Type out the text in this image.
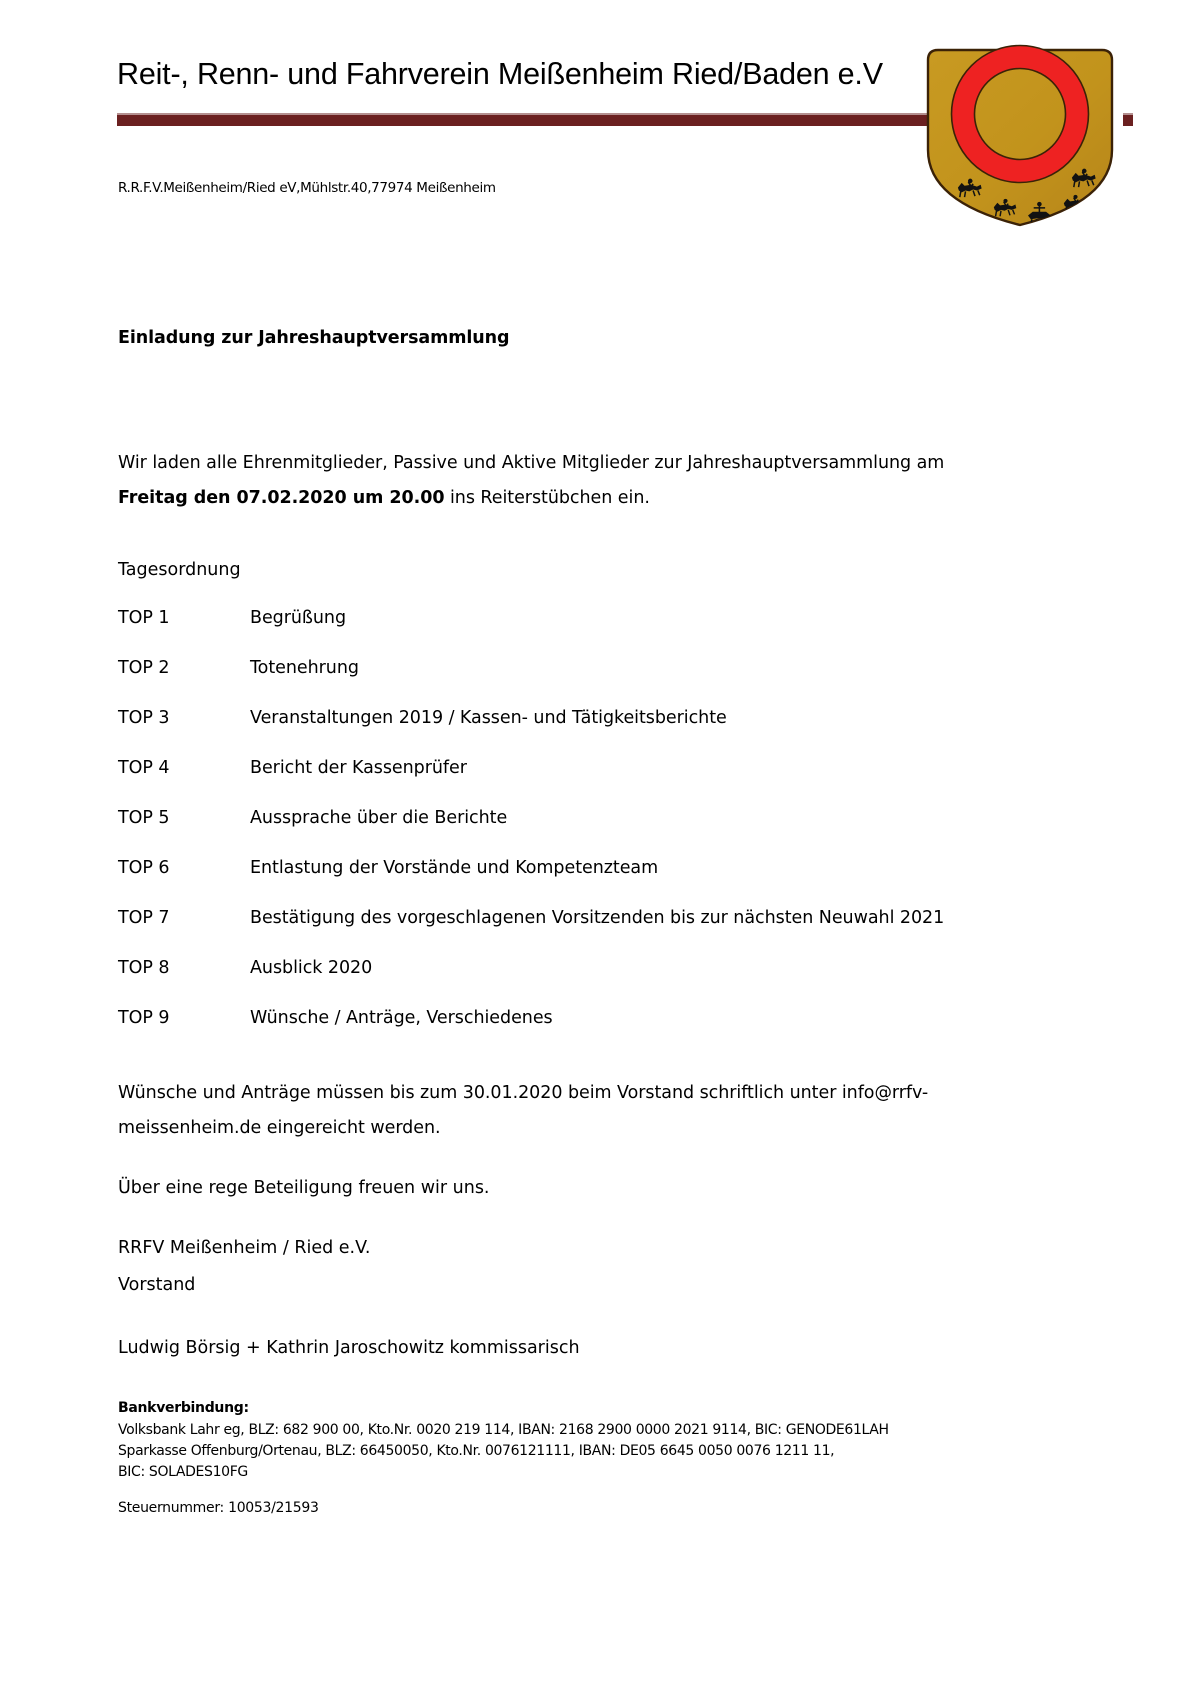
Reit-, Renn- und Fahrverein Meißenheim Ried/Baden e.V
R.R.F.V.Meißenheim/Ried eV,Mühlstr.40,77974 Meißenheim
Einladung zur Jahreshauptversammlung

Wir laden alle Ehrenmitglieder, Passive und Aktive Mitglieder zur Jahreshauptversammlung am Freitag den 07.02.2020 um 20.00 ins Reiterstübchen ein.

Tagesordnung
TOP 1	Begrüßung
TOP 2	Totenehrung
TOP 3	Veranstaltungen 2019 / Kassen- und Tätigkeitsberichte
TOP 4	Bericht der Kassenprüfer
TOP 5	Aussprache über die Berichte
TOP 6	Entlastung der Vorstände und Kompetenzteam
TOP 7	Bestätigung des vorgeschlagenen Vorsitzenden bis zur nächsten Neuwahl 2021
TOP 8	Ausblick 2020
TOP 9	Wünsche / Anträge, Verschiedenes

Wünsche und Anträge müssen bis zum 30.01.2020 beim Vorstand schriftlich unter info@rrfv-meissenheim.de eingereicht werden.

Über eine rege Beteiligung freuen wir uns.
RRFV Meißenheim / Ried e.V.
Vorstand
Ludwig Börsig + Kathrin Jaroschowitz kommissarisch
Bankverbindung:
Volksbank Lahr eg, BLZ: 682 900 00, Kto.Nr. 0020 219 114, IBAN: 2168 2900 0000 2021 9114, BIC: GENODE61LAH
Sparkasse Offenburg/Ortenau, BLZ: 66450050, Kto.Nr. 0076121111, IBAN: DE05 6645 0050 0076 1211 11,
BIC: SOLADES10FG
Steuernummer: 10053/21593
